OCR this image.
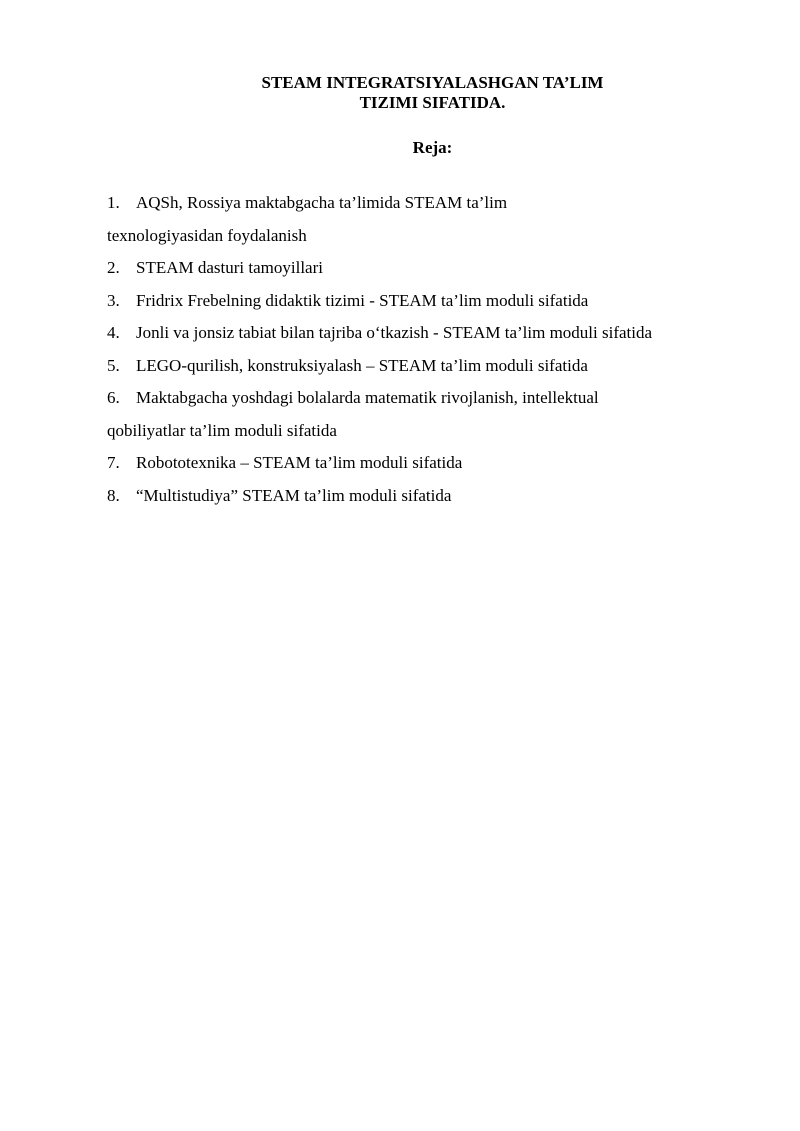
STEAM INTEGRATSIYALASHGAN TA’LIM
TIZIMI SIFATIDA.
Reja:
1. AQSh, Rossiya maktabgacha ta’limida STEAM ta’lim
texnologiyasidan foydalanish
2. STEAM dasturi tamoyillari
3. Fridrix Frebelning didaktik tizimi - STEAM ta’lim moduli sifatida
4. Jonli va jonsiz tabiat bilan tajriba o‘tkazish - STEAM ta’lim moduli sifatida
5. LEGO-qurilish, konstruksiyalash – STEAM ta’lim moduli sifatida
6. Maktabgacha yoshdagi bolalarda matematik rivojlanish, intellektual
qobiliyatlar ta’lim moduli sifatida
7. Robototexnika – STEAM ta’lim moduli sifatida
8. “Multistudiya” STEAM ta’lim moduli sifatida
